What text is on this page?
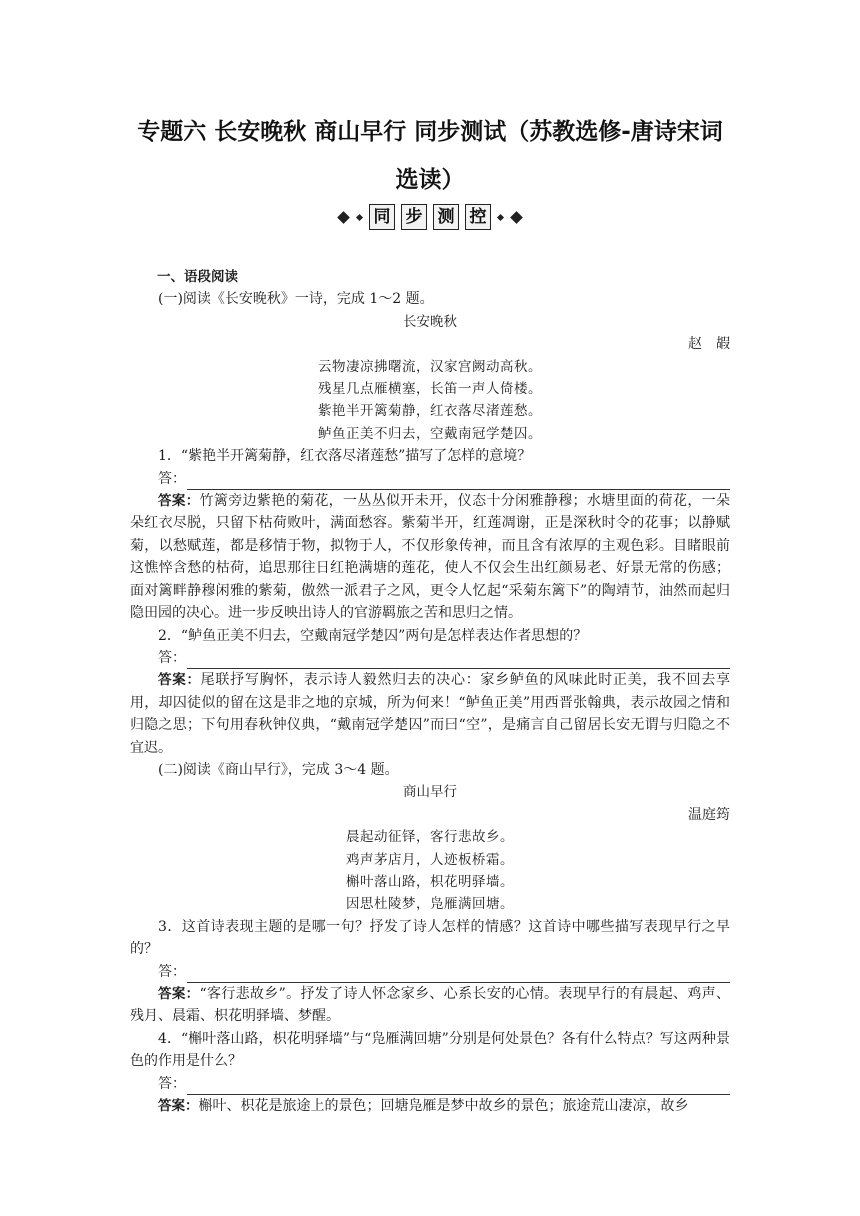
专题六 长安晚秋 商山早行 同步测试（苏教选修-唐诗宋词
选读）
同 步 测 控

一、语段阅读

(一)阅读《长安晚秋》一诗，完成 1～2 题。

长安晚秋

赵　嘏

云物凄凉拂曙流，汉家宫阙动高秋。

残星几点雁横塞，长笛一声人倚楼。

紫艳半开篱菊静，红衣落尽渚莲愁。

鲈鱼正美不归去，空戴南冠学楚囚。

1．“紫艳半开篱菊静，红衣落尽渚莲愁”描写了怎样的意境？

答：

答案：竹篱旁边紫艳的菊花，一丛丛似开未开，仪态十分闲雅静穆；水塘里面的荷花，一朵朵红衣尽脱，只留下枯荷败叶，满面愁容。紫菊半开，红莲凋谢，正是深秋时令的花事；以静赋菊，以愁赋莲，都是移情于物，拟物于人，不仅形象传神，而且含有浓厚的主观色彩。目睹眼前这憔悴含愁的枯荷，追思那往日红艳满塘的莲花，使人不仅会生出红颜易老、好景无常的伤感；面对篱畔静穆闲雅的紫菊，傲然一派君子之风，更令人忆起“采菊东篱下”的陶靖节，油然而起归隐田园的决心。进一步反映出诗人的官游羁旅之苦和思归之情。

2．“鲈鱼正美不归去，空戴南冠学楚囚”两句是怎样表达作者思想的？

答：

答案：尾联抒写胸怀，表示诗人毅然归去的决心：家乡鲈鱼的风味此时正美，我不回去享用，却囚徒似的留在这是非之地的京城，所为何来！“鲈鱼正美”用西晋张翰典，表示故园之情和归隐之思；下句用春秋钟仪典，“戴南冠学楚囚”而曰“空”，是痛言自己留居长安无谓与归隐之不宜迟。

(二)阅读《商山早行》，完成 3～4 题。

商山早行

温庭筠

晨起动征铎，客行悲故乡。

鸡声茅店月，人迹板桥霜。

槲叶落山路，枳花明驿墙。

因思杜陵梦，凫雁满回塘。

3．这首诗表现主题的是哪一句？抒发了诗人怎样的情感？这首诗中哪些描写表现早行之早的？

答：

答案：“客行悲故乡”。抒发了诗人怀念家乡、心系长安的心情。表现早行的有晨起、鸡声、残月、晨霜、枳花明驿墙、梦醒。

4．“槲叶落山路，枳花明驿墙”与“凫雁满回塘”分别是何处景色？各有什么特点？写这两种景色的作用是什么？

答：

答案：槲叶、枳花是旅途上的景色；回塘凫雁是梦中故乡的景色；旅途荒山凄凉，故乡
